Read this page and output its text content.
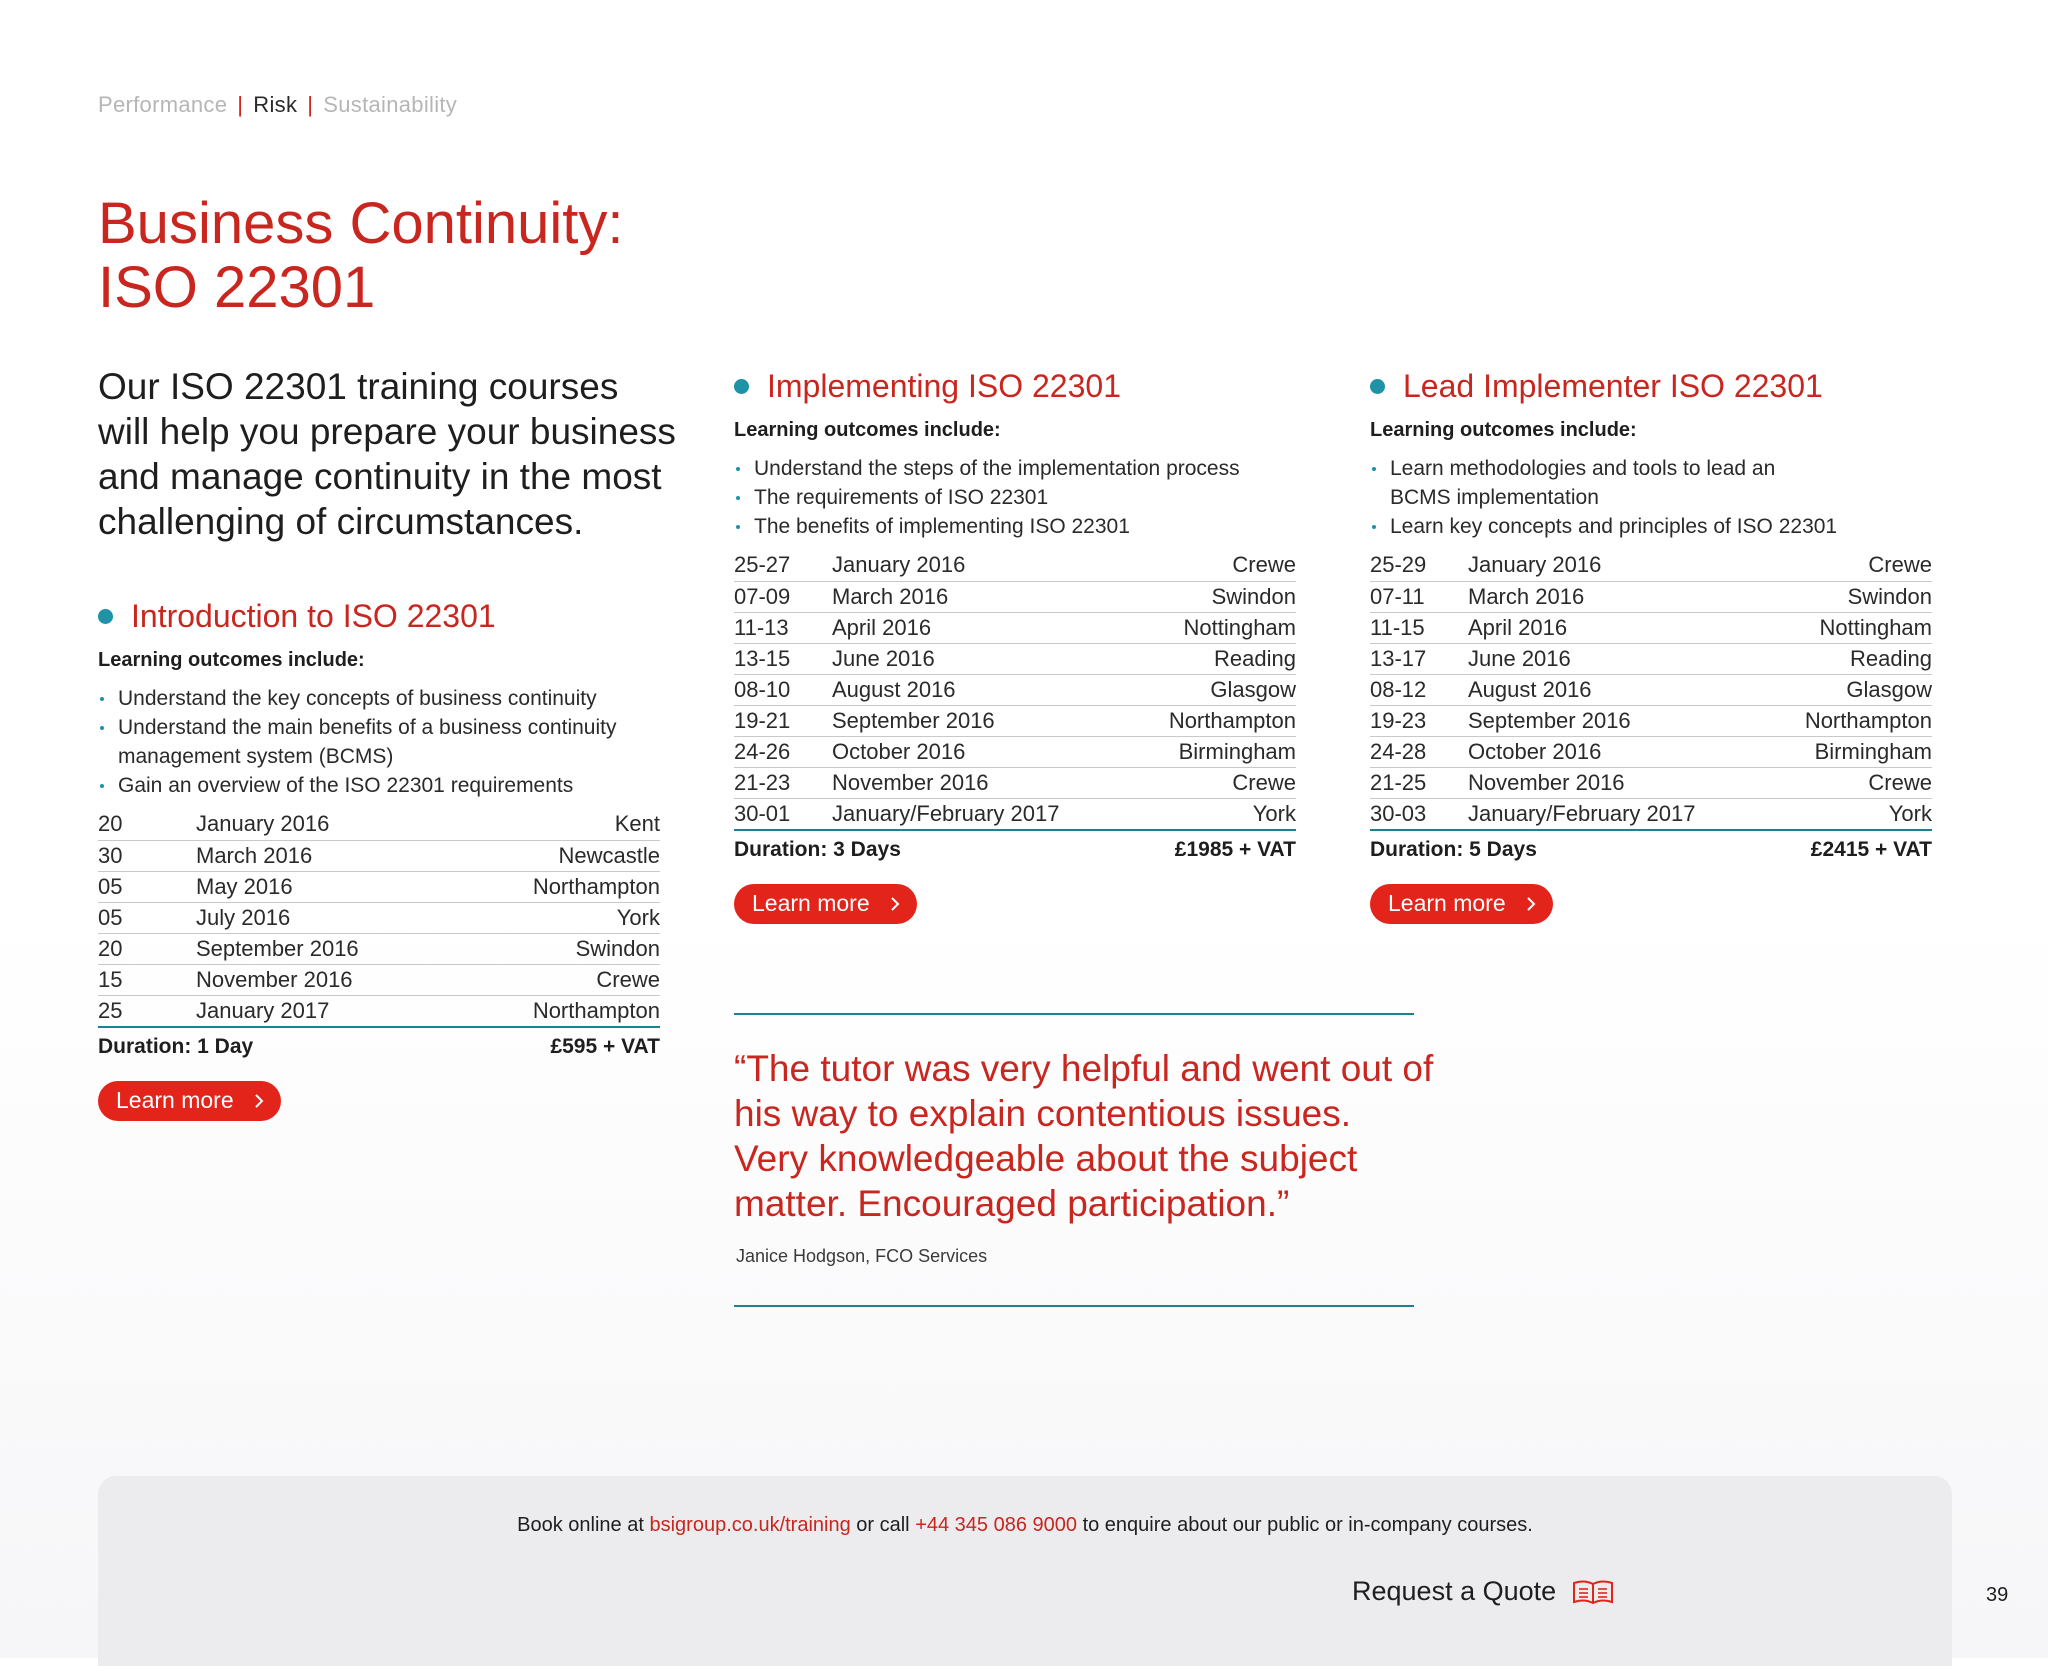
Performance | Risk | Sustainability
Business Continuity:
ISO 22301

Our ISO 22301 training courses will help you prepare your business and manage continuity in the most challenging of circumstances.

Introduction to ISO 22301
Learning outcomes include:
Understand the key concepts of business continuity
Understand the main benefits of a business continuity management system (BCMS)
Gain an overview of the ISO 22301 requirements
20	January 2016	Kent
30	March 2016	Newcastle
05	May 2016	Northampton
05	July 2016	York
20	September 2016	Swindon
15	November 2016	Crewe
25	January 2017	Northampton
Duration: 1 Day	£595 + VAT
Learn more
Implementing ISO 22301
Learning outcomes include:
Understand the steps of the implementation process
The requirements of ISO 22301
The benefits of implementing ISO 22301
25-27	January 2016	Crewe
07-09	March 2016	Swindon
11-13	April 2016	Nottingham
13-15	June 2016	Reading
08-10	August 2016	Glasgow
19-21	September 2016	Northampton
24-26	October 2016	Birmingham
21-23	November 2016	Crewe
30-01	January/February 2017	York
Duration: 3 Days	£1985 + VAT
Learn more
Lead Implementer ISO 22301
Learning outcomes include:
Learn methodologies and tools to lead an BCMS implementation
Learn key concepts and principles of ISO 22301
25-29	January 2016	Crewe
07-11	March 2016	Swindon
11-15	April 2016	Nottingham
13-17	June 2016	Reading
08-12	August 2016	Glasgow
19-23	September 2016	Northampton
24-28	October 2016	Birmingham
21-25	November 2016	Crewe
30-03	January/February 2017	York
Duration: 5 Days	£2415 + VAT
Learn more

“The tutor was very helpful and went out of his way to explain contentious issues. Very knowledgeable about the subject matter. Encouraged participation.”

Janice Hodgson, FCO Services
Book online at bsigroup.co.uk/training or call +44 345 086 9000 to enquire about our public or in-company courses.
Request a Quote	39
